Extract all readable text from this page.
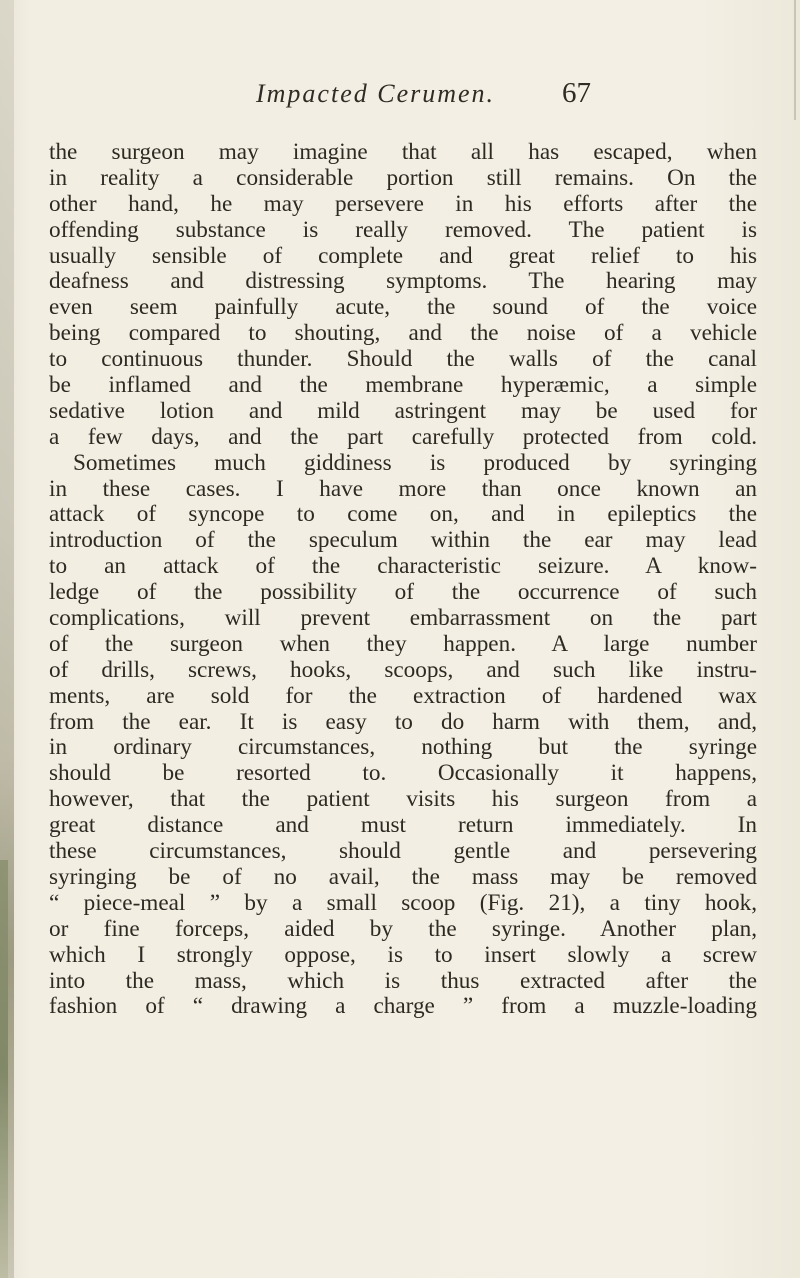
Impacted Cerumen. 67
the surgeon may imagine that all has escaped, when
in reality a considerable portion still remains. On the
other hand, he may persevere in his efforts after the
offending substance is really removed. The patient is
usually sensible of complete and great relief to his
deafness and distressing symptoms. The hearing may
even seem painfully acute, the sound of the voice
being compared to shouting, and the noise of a vehicle
to continuous thunder. Should the walls of the canal
be inflamed and the membrane hyperæmic, a simple
sedative lotion and mild astringent may be used for
a few days, and the part carefully protected from cold.
Sometimes much giddiness is produced by syringing
in these cases. I have more than once known an
attack of syncope to come on, and in epileptics the
introduction of the speculum within the ear may lead
to an attack of the characteristic seizure. A know-
ledge of the possibility of the occurrence of such
complications, will prevent embarrassment on the part
of the surgeon when they happen. A large number
of drills, screws, hooks, scoops, and such like instru-
ments, are sold for the extraction of hardened wax
from the ear. It is easy to do harm with them, and,
in ordinary circumstances, nothing but the syringe
should be resorted to. Occasionally it happens,
however, that the patient visits his surgeon from a
great distance and must return immediately. In
these circumstances, should gentle and persevering
syringing be of no avail, the mass may be removed
“ piece-meal ” by a small scoop (Fig. 21), a tiny hook,
or fine forceps, aided by the syringe. Another plan,
which I strongly oppose, is to insert slowly a screw
into the mass, which is thus extracted after the
fashion of “ drawing a charge ” from a muzzle-loading
